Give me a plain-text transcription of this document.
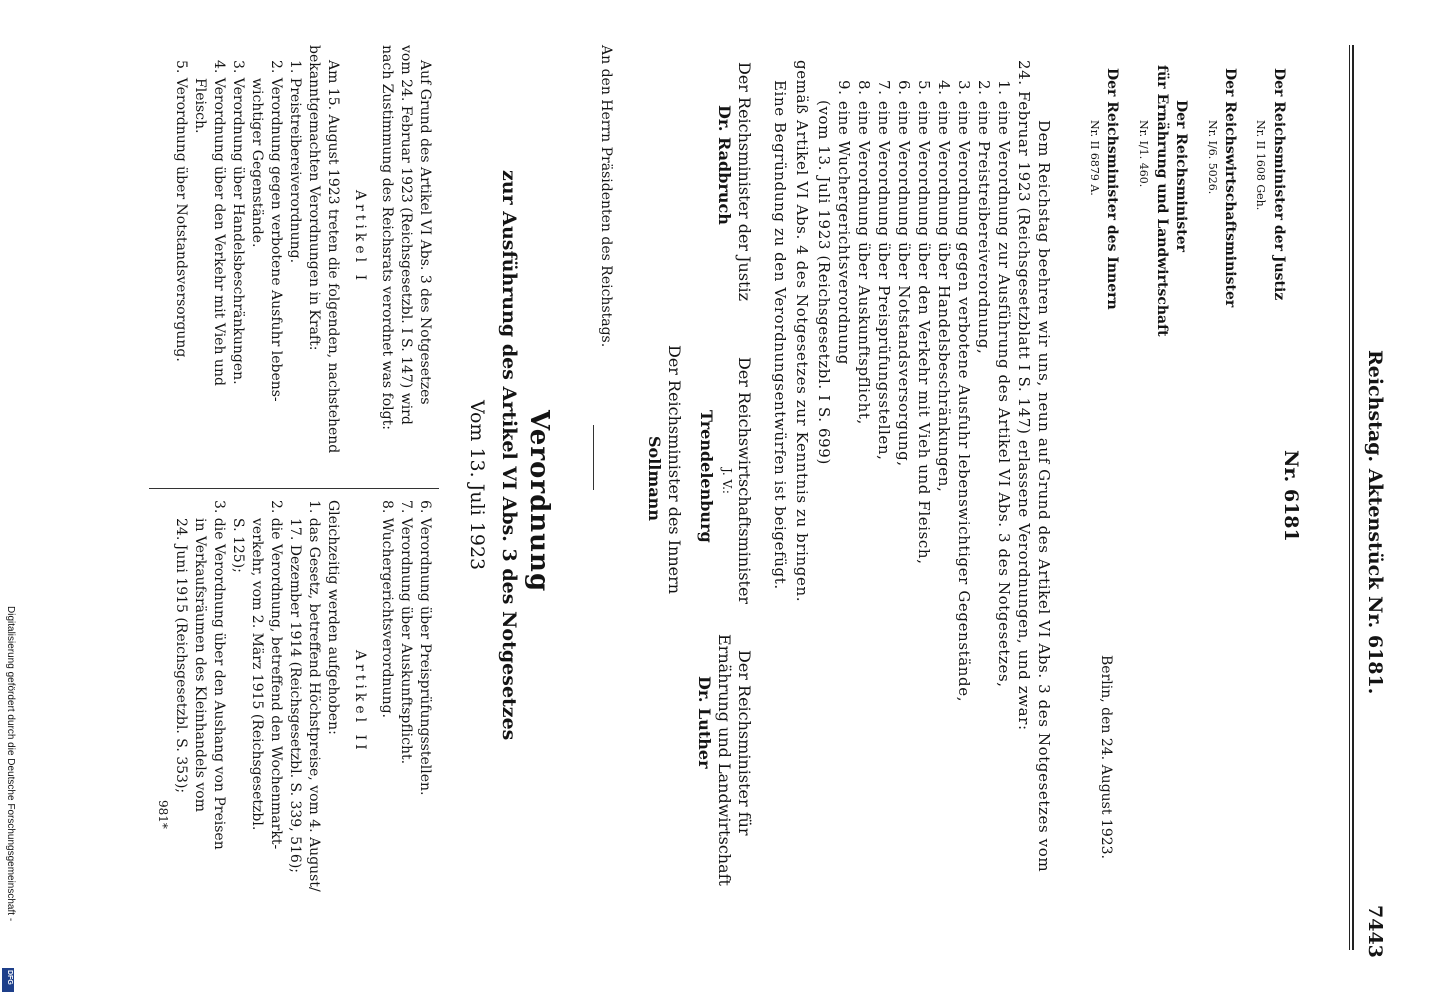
Reichstag. Aktenstück Nr. 6181.
7443
Der Reichsminister der Justiz
Nr. II 1608 Geh.
Der Reichswirtschaftsminister
Nr. I/6. 5026.
Der Reichsminister
für Ernährung und Landwirtschaft
Nr. I/1. 460.
Der Reichsminister des Innern
Nr. II 6879 A.
Nr. 6181
Berlin, den 24. August 1923.
Dem Reichstag beehren wir uns, neun auf Grund des Artikel VI Abs. 3 des Notgesetzes vom
24. Februar 1923 (Reichsgesetzblatt I S. 147) erlassene Verordnungen, und zwar:
1. eine Verordnung zur Ausführung des Artikel VI Abs. 3 des Notgesetzes,
2. eine Preistreibereiverordnung,
3. eine Verordnung gegen verbotene Ausfuhr lebenswichtiger Gegenstände,
4. eine Verordnung über Handelsbeschränkungen,
5. eine Verordnung über den Verkehr mit Vieh und Fleisch,
6. eine Verordnung über Notstandsversorgung,
7. eine Verordnung über Preisprüfungsstellen,
8. eine Verordnung über Auskunftspflicht,
9. eine Wuchergerichtsverordnung
(vom 13. Juli 1923 (Reichsgesetzbl. I S. 699)
gemäß Artikel VI Abs. 4 des Notgesetzes zur Kenntnis zu bringen.
Eine Begründung zu den Verordnungsentwürfen ist beigefügt.
Der Reichsminister der Justiz
Dr. Radbruch
Der Reichswirtschaftsminister
J. V.:
Trendelenburg
Der Reichsminister für
Ernährung und Landwirtschaft
Dr. Luther
Der Reichsminister des Innern
Sollmann
An den Herrn Präsidenten des Reichstags.
Verordnung
zur Ausführung des Artikel VI Abs. 3 des Notgesetzes
Vom 13. Juli 1923
Auf Grund des Artikel VI Abs. 3 des Notgesetzes
vom 24. Februar 1923 (Reichsgesetzbl. I S. 147) wird
nach Zustimmung des Reichsrats verordnet was folgt:
Artikel I
Am 15. August 1923 treten die folgenden, nachstehend
bekanntgemachten Verordnungen in Kraft:
1. Preistreibereiverordnung.
2. Verordnung gegen verbotene Ausfuhr lebens-
wichtiger Gegenstände.
3. Verordnung über Handelsbeschränkungen.
4. Verordnung über den Verkehr mit Vieh und
Fleisch.
5. Verordnung über Notstandsversorgung.
6. Verordnung über Preisprüfungsstellen.
7. Verordnung über Auskunftspflicht.
8. Wuchergerichtsverordnung.
Artikel II
Gleichzeitig werden aufgehoben:
1. das Gesetz, betreffend Höchstpreise, vom 4. August/
17. Dezember 1914 (Reichsgesetzbl. S. 339, 516);
2. die Verordnung, betreffend den Wochenmarkt-
verkehr, vom 2. März 1915 (Reichsgesetzbl.
S. 125);
3. die Verordnung über den Aushang von Preisen
in Verkaufsräumen des Kleinhandels vom
24. Juni 1915 (Reichsgesetzbl. S. 353);
981*
Digitalisierung gefördert durch die Deutsche Forschungsgemeinschaft -
DFG
